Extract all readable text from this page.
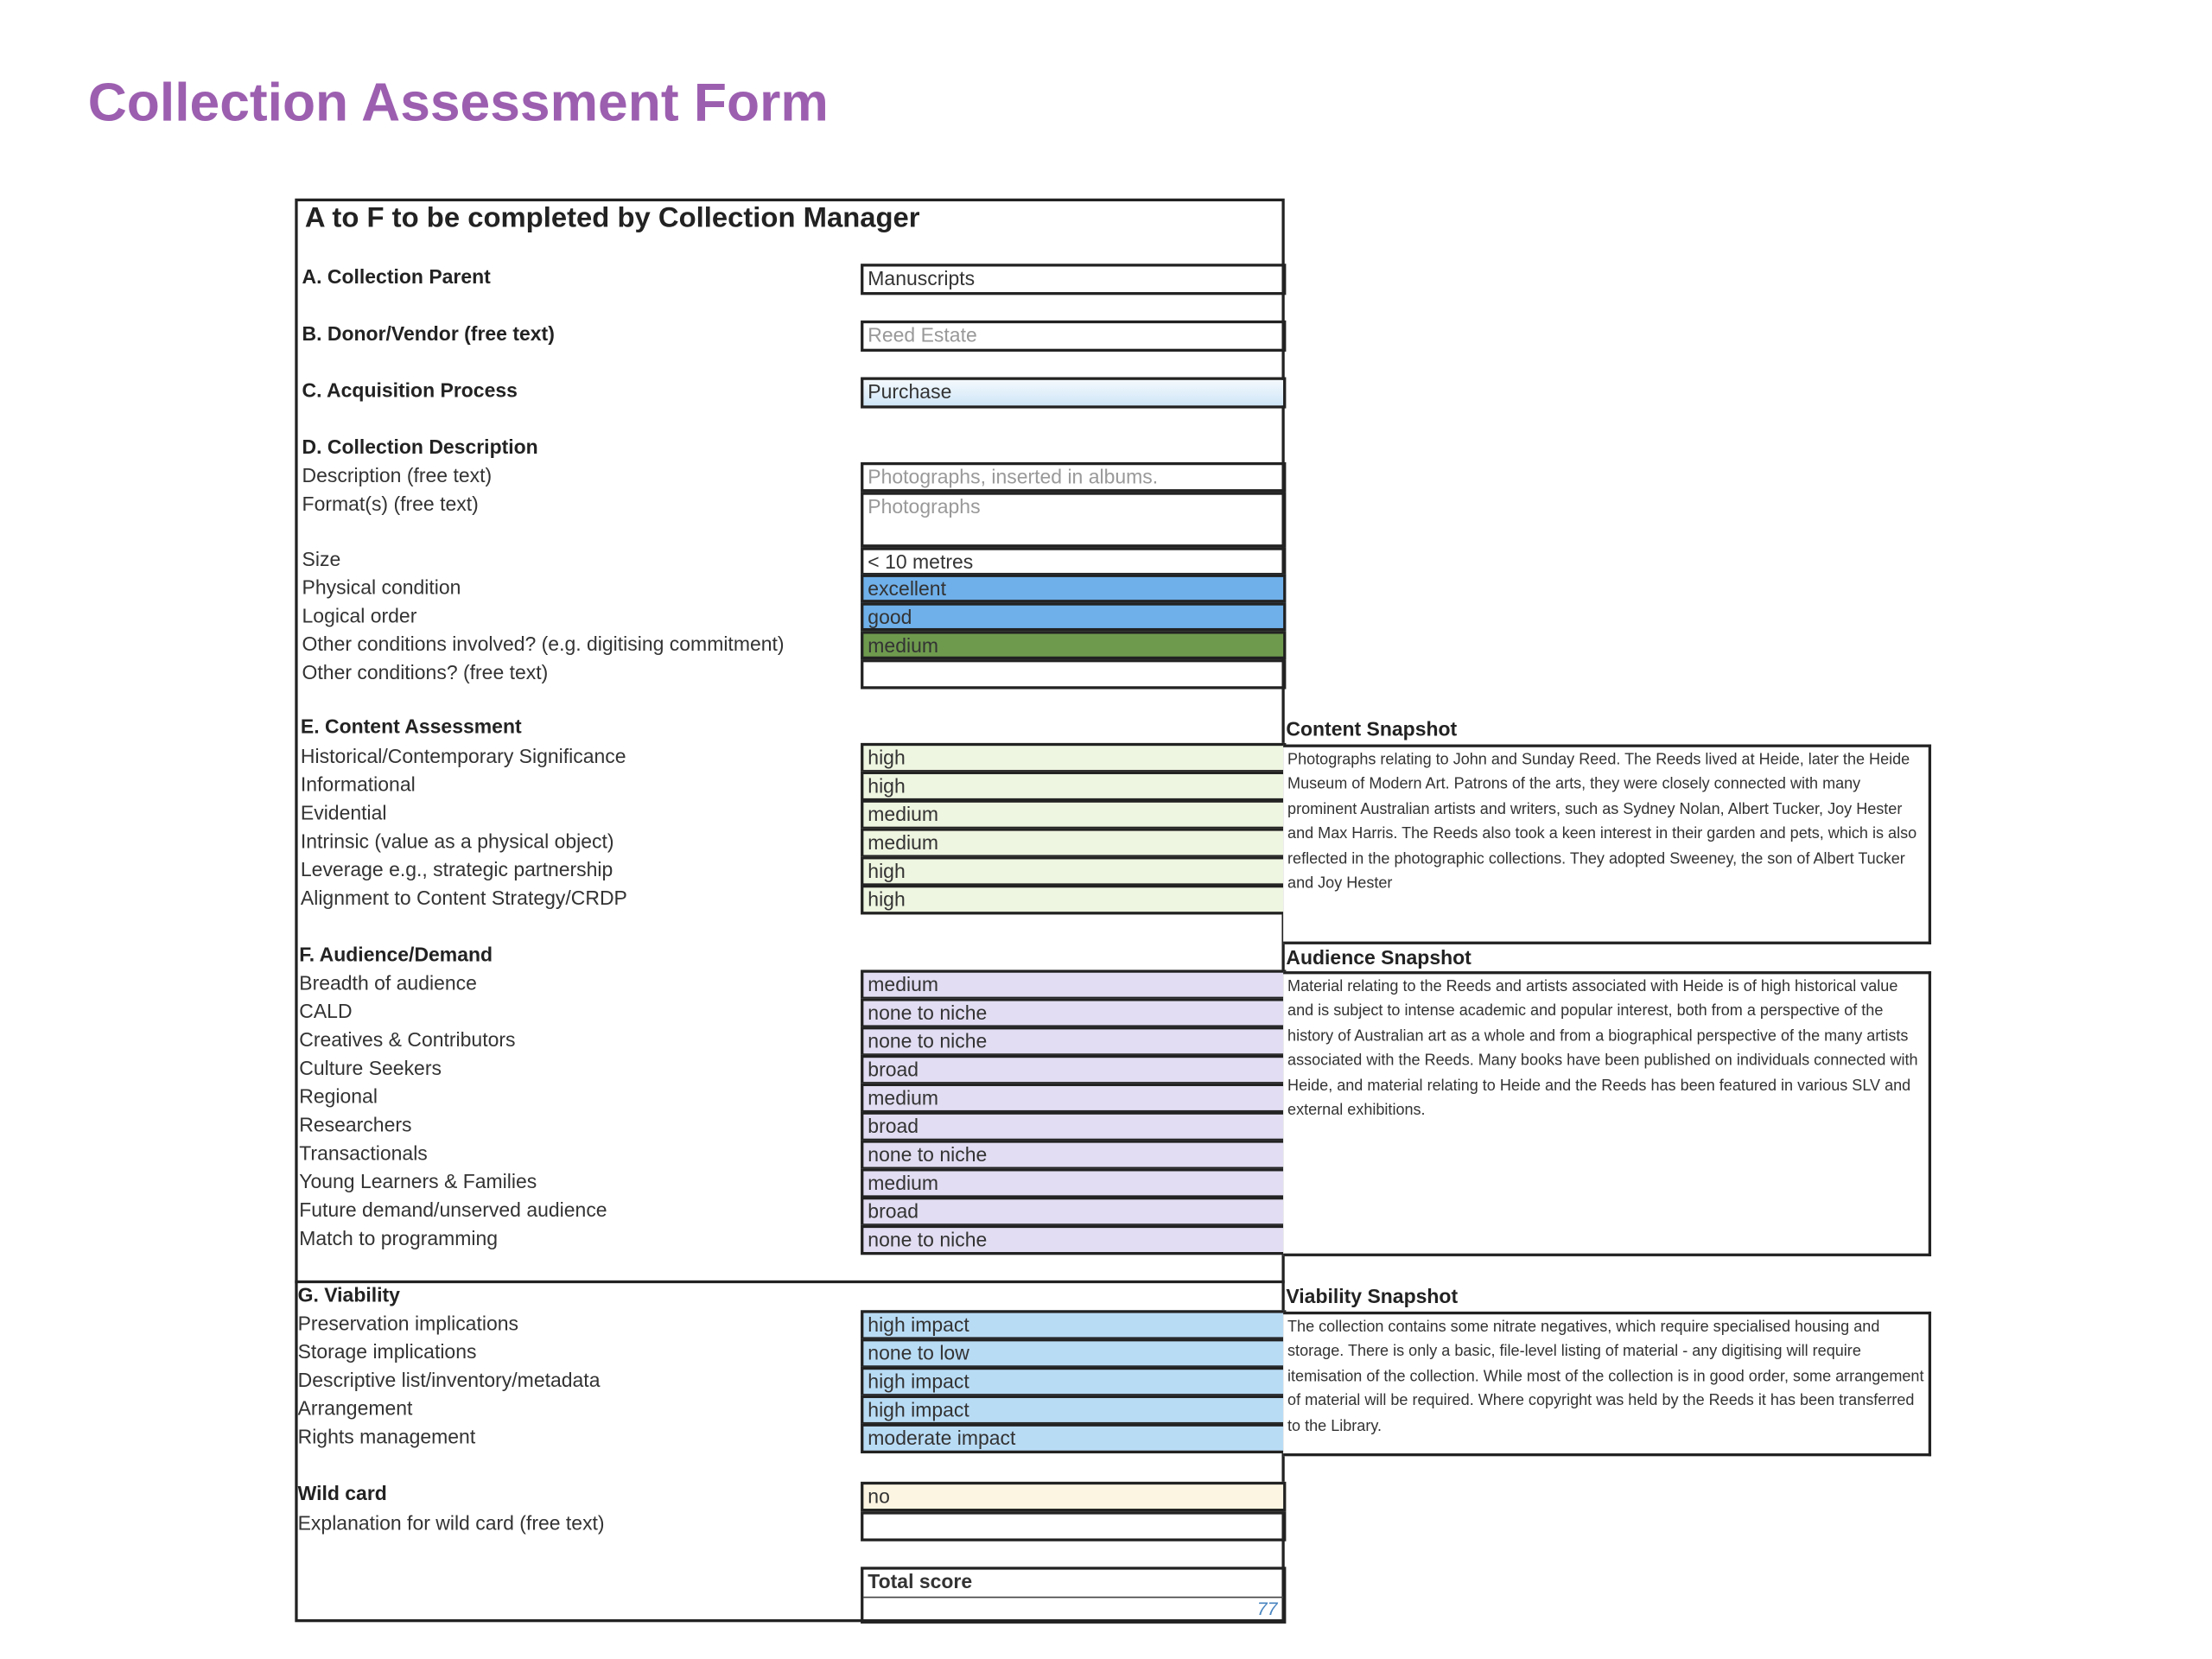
Collection Assessment Form
A to F to be completed by Collection Manager
A. Collection Parent	Manuscripts
B. Donor/Vendor (free text)	Reed Estate
C. Acquisition Process	Purchase
D. Collection Description
Description (free text)	Photographs, inserted in albums.
Format(s) (free text)	Photographs
Size	< 10 metres
Physical condition	excellent
Logical order	good
Other conditions involved? (e.g. digitising commitment)	medium
Other conditions? (free text)
E. Content Assessment
Historical/Contemporary Significance	high
Informational	high
Evidential	medium
Intrinsic (value as a physical object)	medium
Leverage e.g., strategic partnership	high
Alignment to Content Strategy/CRDP	high
F. Audience/Demand
Breadth of audience	medium
CALD	none to niche
Creatives & Contributors	none to niche
Culture Seekers	broad
Regional	medium
Researchers	broad
Transactionals	none to niche
Young Learners & Families	medium
Future demand/unserved audience	broad
Match to programming	none to niche
G. Viability
Preservation implications	high impact
Storage implications	none to low
Descriptive list/inventory/metadata	high impact
Arrangement	high impact
Rights management	moderate impact
Wild card	no
Explanation for wild card (free text)
Total score
77
Content Snapshot
Photographs relating to John and Sunday Reed. The Reeds lived at Heide, later the Heide Museum of Modern Art. Patrons of the arts, they were closely connected with many prominent Australian artists and writers, such as Sydney Nolan, Albert Tucker, Joy Hester and Max Harris. The Reeds also took a keen interest in their garden and pets, which is also reflected in the photographic collections. They adopted Sweeney, the son of Albert Tucker and Joy Hester
Audience Snapshot
Material relating to the Reeds and artists associated with Heide is of high historical value and is subject to intense academic and popular interest, both from a perspective of the history of Australian art as a whole and from a biographical perspective of the many artists associated with the Reeds. Many books have been published on individuals connected with Heide, and material relating to Heide and the Reeds has been featured in various SLV and external exhibitions.
Viability Snapshot
The collection contains some nitrate negatives, which require specialised housing and storage. There is only a basic, file-level listing of material - any digitising will require itemisation of the collection. While most of the collection is in good order, some arrangement of material will be required. Where copyright was held by the Reeds it has been transferred to the Library.
